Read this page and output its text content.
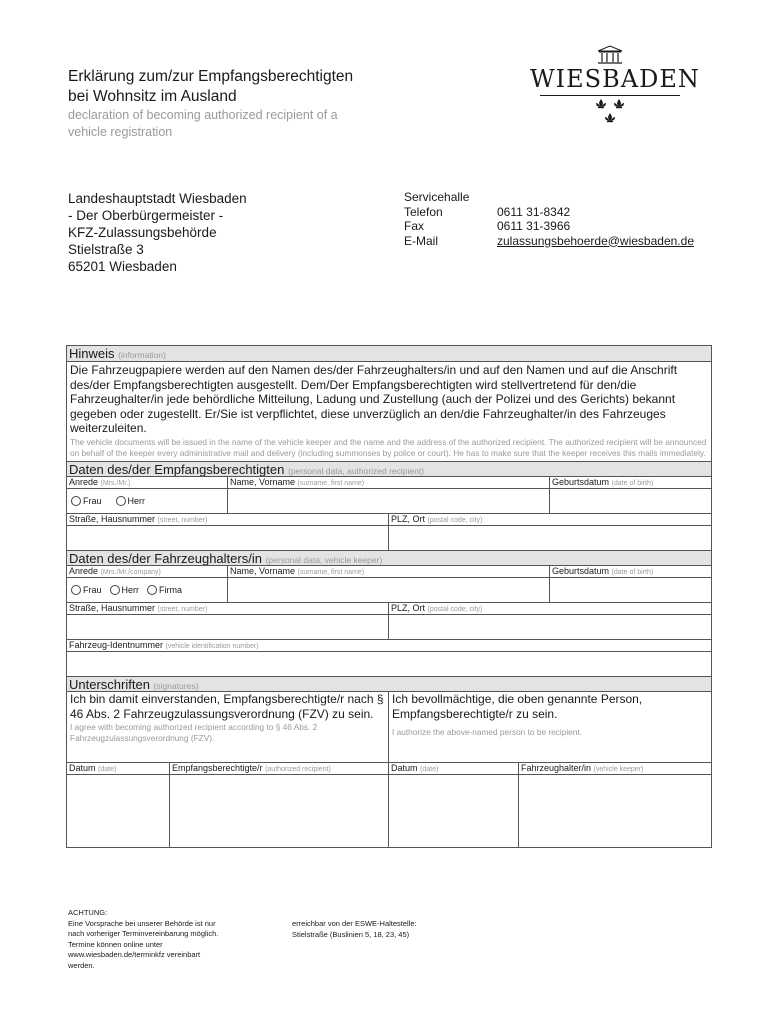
Erklärung zum/zur Empfangsberechtigten
bei Wohnsitz im Ausland
declaration of becoming authorized recipient of a
vehicle registration
WIESBADEN
Landeshauptstadt Wiesbaden
- Der Oberbürgermeister -
KFZ-Zulassungsbehörde
Stielstraße 3
65201 Wiesbaden
Servicehalle
Telefon	0611 31-8342
Fax	0611 31-3966
E-Mail	zulassungsbehoerde@wiesbaden.de
Hinweis (information)
Die Fahrzeugpapiere werden auf den Namen des/der Fahrzeughalters/in und auf den Namen und auf die Anschrift des/der Empfangsberechtigten ausgestellt. Dem/Der Empfangsberechtigten wird stellvertretend für den/die Fahrzeughalter/in jede behördliche Mitteilung, Ladung und Zustellung (auch der Polizei und des Gerichts) bekannt gegeben oder zugestellt. Er/Sie ist verpflichtet, diese unverzüglich an den/die Fahrzeughalter/in des Fahrzeuges weiterzuleiten.
The vehicle documents will be issued in the name of the vehicle keeper and the name and the address of the authorized recipient. The authorized recipient will be announced on behalf of the keeper every administrative mail and delivery (including summonses by police or court). He has to make sure that the keeper receives this mails immediately.
Daten des/der Empfangsberechtigten (personal data, authorized recipient)
Anrede (Mrs./Mr.)	Name, Vorname (surname, first name)	Geburtsdatum (date of birth)
Frau	Herr
Straße, Hausnummer (street, number)	PLZ, Ort (postal code, city)
Daten des/der Fahrzeughalters/in (personal data, vehicle keeper)
Anrede (Mrs./Mr./company)	Name, Vorname (surname, first name)	Geburtsdatum (date of birth)
Frau Herr Firma
Straße, Hausnummer (street, number)	PLZ, Ort (postal code, city)
Fahrzeug-Identnummer (vehicle identification number)
Unterschriften (signatures)
Ich bin damit einverstanden, Empfangsberechtigte/r nach § 46 Abs. 2 Fahrzeugzulassungsverordnung (FZV) zu sein.
I agree with becoming authorized recipient according to § 46 Abs. 2 Fahrzeugzulassungsverordnung (FZV).
Ich bevollmächtige, die oben genannte Person, Empfangsberechtigte/r zu sein.
I authorize the above-named person to be recipient.
Datum (date)	Empfangsberechtigte/r (authorized recipient)	Datum (date)	Fahrzeughalter/in (vehicle keeper)
ACHTUNG:
Eine Vorsprache bei unserer Behörde ist nur
nach vorheriger Terminvereinbarung möglich.
Termine können online unter
www.wiesbaden.de/terminkfz vereinbart
werden.
erreichbar von der ESWE-Haltestelle:
Stielstraße (Buslinien 5, 18, 23, 45)
